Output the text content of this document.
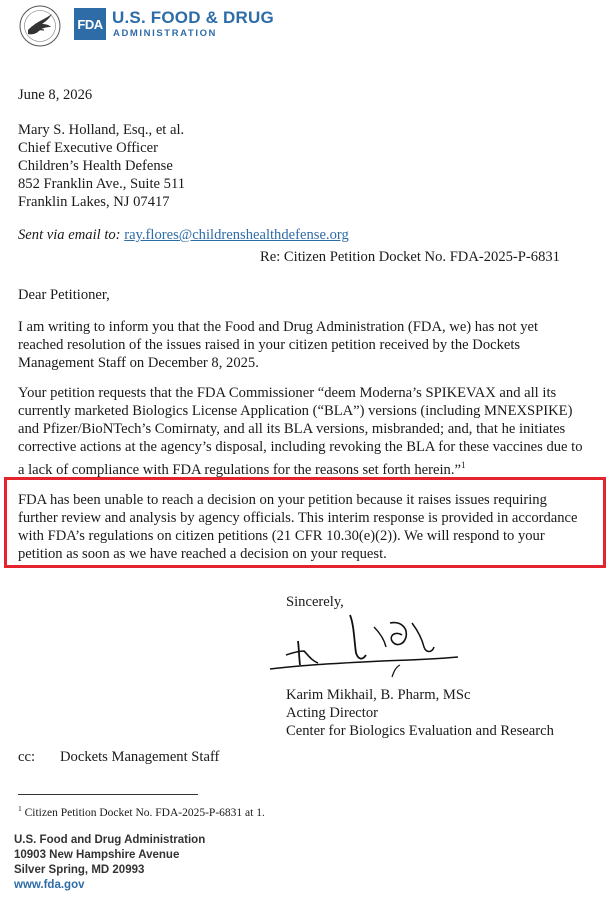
FDA U.S. FOOD & DRUG
ADMINISTRATION
June 8, 2026
Mary S. Holland, Esq., et al.
Chief Executive Officer
Children’s Health Defense
852 Franklin Ave., Suite 511
Franklin Lakes, NJ 07417
Sent via email to: ray.flores@childrenshealthdefense.org
Re: Citizen Petition Docket No. FDA-2025-P-6831
Dear Petitioner,
I am writing to inform you that the Food and Drug Administration (FDA, we) has not yet
reached resolution of the issues raised in your citizen petition received by the Dockets
Management Staff on December 8, 2025.
Your petition requests that the FDA Commissioner “deem Moderna’s SPIKEVAX and all its
currently marketed Biologics License Application (“BLA”) versions (including MNEXSPIKE)
and Pfizer/BioNTech’s Comirnaty, and all its BLA versions, misbranded; and, that he initiates
corrective actions at the agency’s disposal, including revoking the BLA for these vaccines due to
a lack of compliance with FDA regulations for the reasons set forth herein.”$^1$
FDA has been unable to reach a decision on your petition because it raises issues requiring
further review and analysis by agency officials. This interim response is provided in accordance
with FDA’s regulations on citizen petitions (21 CFR 10.30(e)(2)). We will respond to your
petition as soon as we have reached a decision on your request.
Sincerely,
Karim Mikhail, B. Pharm, MSc
Acting Director
Center for Biologics Evaluation and Research
cc: Dockets Management Staff
$^1$ Citizen Petition Docket No. FDA-2025-P-6831 at 1.
U.S. Food and Drug Administration
10903 New Hampshire Avenue
Silver Spring, MD 20993
www.fda.gov
